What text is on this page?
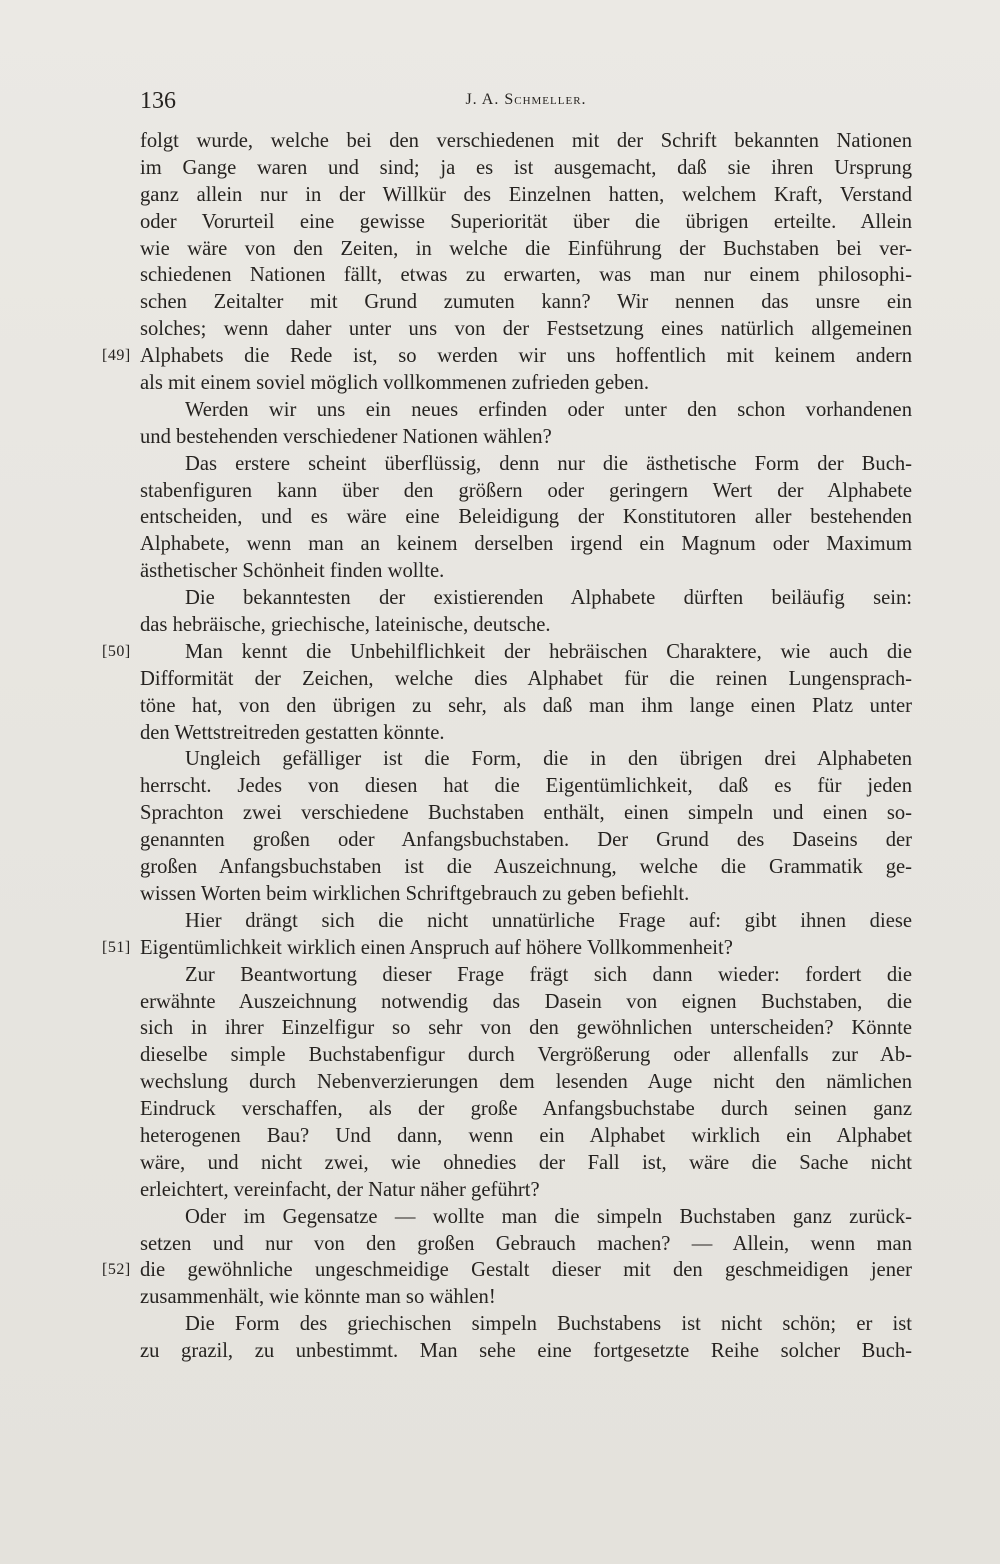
136	J. A. Schmeller.
folgt wurde, welche bei den verschiedenen mit der Schrift bekannten Nationen
im Gange waren und sind; ja es ist ausgemacht, daß sie ihren Ursprung
ganz allein nur in der Willkür des Einzelnen hatten, welchem Kraft, Verstand
oder Vorurteil eine gewisse Superiorität über die übrigen erteilte. Allein
wie wäre von den Zeiten, in welche die Einführung der Buchstaben bei ver-
schiedenen Nationen fällt, etwas zu erwarten, was man nur einem philosophi-
schen Zeitalter mit Grund zumuten kann? Wir nennen das unsre ein
solches; wenn daher unter uns von der Festsetzung eines natürlich allgemeinen
Alphabets die Rede ist, so werden wir uns hoffentlich mit keinem andern
[49]
als mit einem soviel möglich vollkommenen zufrieden geben.
Werden wir uns ein neues erfinden oder unter den schon vorhandenen
und bestehenden verschiedener Nationen wählen?
Das erstere scheint überflüssig, denn nur die ästhetische Form der Buch-
stabenfiguren kann über den größern oder geringern Wert der Alphabete
entscheiden, und es wäre eine Beleidigung der Konstitutoren aller bestehenden
Alphabete, wenn man an keinem derselben irgend ein Magnum oder Maximum
ästhetischer Schönheit finden wollte.
Die bekanntesten der existierenden Alphabete dürften beiläufig sein:
das hebräische, griechische, lateinische, deutsche.
Man kennt die Unbehilflichkeit der hebräischen Charaktere, wie auch die
[50]
Difformität der Zeichen, welche dies Alphabet für die reinen Lungensprach-
töne hat, von den übrigen zu sehr, als daß man ihm lange einen Platz unter
den Wettstreitreden gestatten könnte.
Ungleich gefälliger ist die Form, die in den übrigen drei Alphabeten
herrscht. Jedes von diesen hat die Eigentümlichkeit, daß es für jeden
Sprachton zwei verschiedene Buchstaben enthält, einen simpeln und einen so-
genannten großen oder Anfangsbuchstaben. Der Grund des Daseins der
großen Anfangsbuchstaben ist die Auszeichnung, welche die Grammatik ge-
wissen Worten beim wirklichen Schriftgebrauch zu geben befiehlt.
Hier drängt sich die nicht unnatürliche Frage auf: gibt ihnen diese
Eigentümlichkeit wirklich einen Anspruch auf höhere Vollkommenheit?
[51]
Zur Beantwortung dieser Frage frägt sich dann wieder: fordert die
erwähnte Auszeichnung notwendig das Dasein von eignen Buchstaben, die
sich in ihrer Einzelfigur so sehr von den gewöhnlichen unterscheiden? Könnte
dieselbe simple Buchstabenfigur durch Vergrößerung oder allenfalls zur Ab-
wechslung durch Nebenverzierungen dem lesenden Auge nicht den nämlichen
Eindruck verschaffen, als der große Anfangsbuchstabe durch seinen ganz
heterogenen Bau? Und dann, wenn ein Alphabet wirklich ein Alphabet
wäre, und nicht zwei, wie ohnedies der Fall ist, wäre die Sache nicht
erleichtert, vereinfacht, der Natur näher geführt?
Oder im Gegensatze — wollte man die simpeln Buchstaben ganz zurück-
setzen und nur von den großen Gebrauch machen? — Allein, wenn man
die gewöhnliche ungeschmeidige Gestalt dieser mit den geschmeidigen jener
[52]
zusammenhält, wie könnte man so wählen!
Die Form des griechischen simpeln Buchstabens ist nicht schön; er ist
zu grazil, zu unbestimmt. Man sehe eine fortgesetzte Reihe solcher Buch-
